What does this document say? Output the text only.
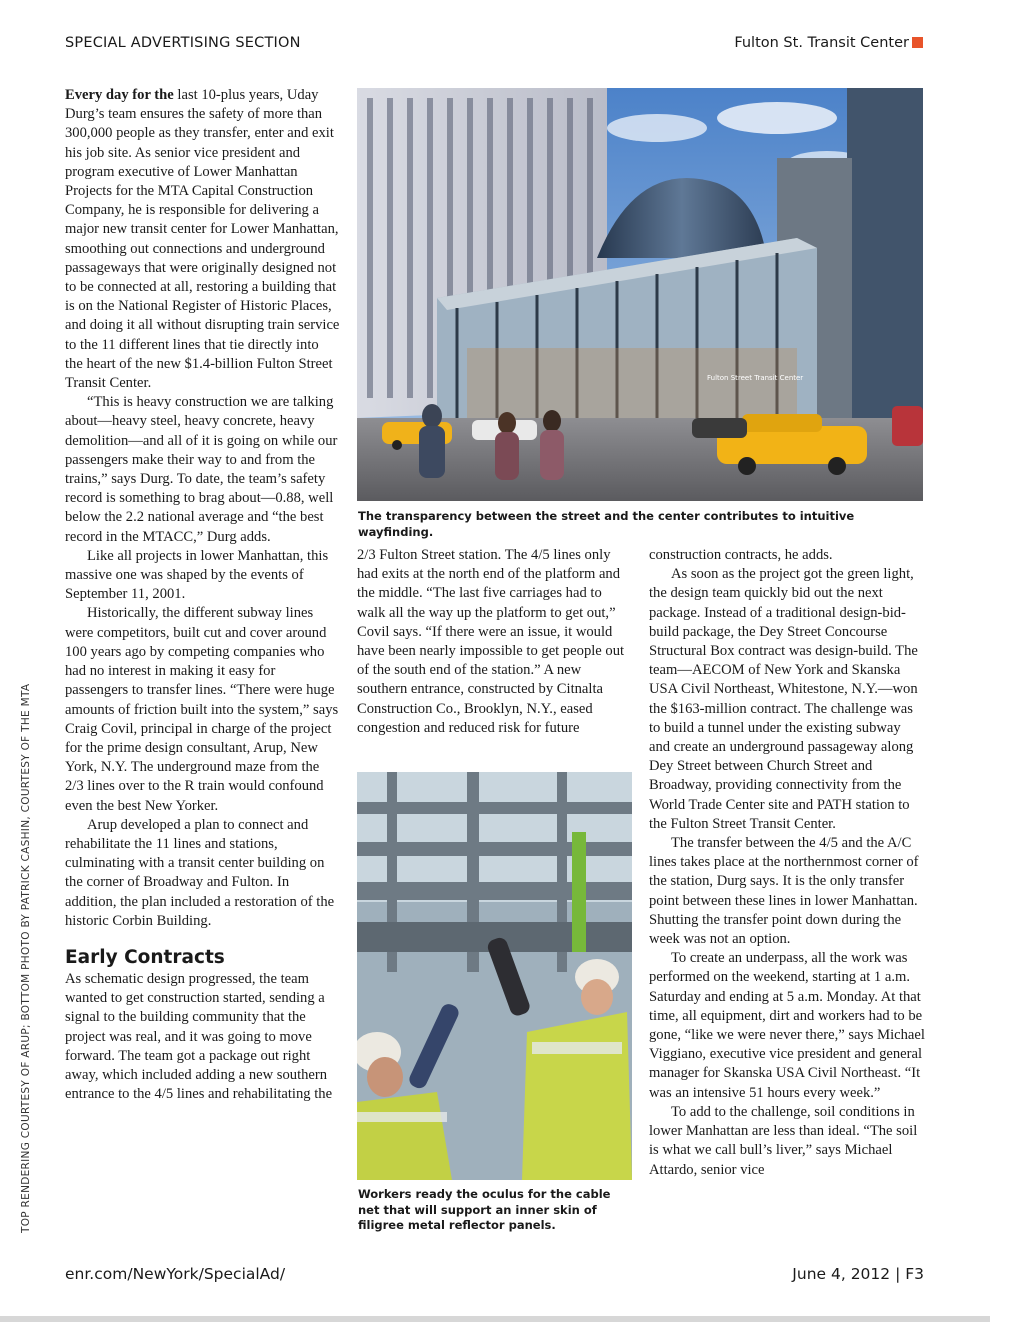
SPECIAL ADVERTISING SECTION	Fulton St. Transit Center
TOP RENDERING COURTESY OF ARUP; BOTTOM PHOTO BY PATRICK CASHIN, COURTESY OF THE MTA

Every day for the last 10-plus years, Uday Durg’s team ensures the safety of more than 300,000 people as they transfer, enter and exit his job site. As senior vice president and program executive of Lower Manhattan Projects for the MTA Capital Construction Company, he is responsible for delivering a major new transit center for Lower Manhattan, smoothing out connections and underground passageways that were originally designed not to be connected at all, restoring a building that is on the National Register of Historic Places, and doing it all without disrupting train service to the 11 different lines that tie directly into the heart of the new $1.4-billion Fulton Street Transit Center.

“This is heavy construction we are talking about—heavy steel, heavy concrete, heavy demolition—and all of it is going on while our passengers make their way to and from the trains,” says Durg. To date, the team’s safety record is something to brag about—0.88, well below the 2.2 national average and “the best record in the MTACC,” Durg adds.

Like all projects in lower Manhattan, this massive one was shaped by the events of September 11, 2001.

Historically, the different subway lines were competitors, built cut and cover around 100 years ago by competing companies who had no interest in making it easy for passengers to transfer lines. “There were huge amounts of friction built into the system,” says Craig Covil, principal in charge of the project for the prime design consultant, Arup, New York, N.Y. The underground maze from the 2/3 lines over to the R train would confound even the best New Yorker.

Arup developed a plan to connect and rehabilitate the 11 lines and stations, culminating with a transit center building on the corner of Broadway and Fulton. In addition, the plan included a restoration of the historic Corbin Building.

Early Contracts

As schematic design progressed, the team wanted to get construction started, sending a signal to the building community that the project was real, and it was going to move forward. The team got a package out right away, which included adding a new southern entrance to the 4/5 lines and rehabilitating the

Fulton Street Transit Center
The transparency between the street and the center contributes to intuitive wayfinding.

2/3 Fulton Street station. The 4/5 lines only had exits at the north end of the platform and the middle. “The last five carriages had to walk all the way up the platform to get out,” Covil says. “If there were an issue, it would have been nearly impossible to get people out of the south end of the station.” A new southern entrance, constructed by Citnalta Construction Co., Brooklyn, N.Y., eased congestion and reduced risk for future

Workers ready the oculus for the cable net that will support an inner skin of filigree metal reflector panels.

construction contracts, he adds.

As soon as the project got the green light, the design team quickly bid out the next package. Instead of a traditional design-bid-build package, the Dey Street Concourse Structural Box contract was design-build. The team—AECOM of New York and Skanska USA Civil Northeast, Whitestone, N.Y.—won the $163-million contract. The challenge was to build a tunnel under the existing subway and create an underground passageway along Dey Street between Church Street and Broadway, providing connectivity from the World Trade Center site and PATH station to the Fulton Street Transit Center.

The transfer between the 4/5 and the A/C lines takes place at the northernmost corner of the station, Durg says. It is the only transfer point between these lines in lower Manhattan. Shutting the transfer point down during the week was not an option.

To create an underpass, all the work was performed on the weekend, starting at 1 a.m. Saturday and ending at 5 a.m. Monday. At that time, all equipment, dirt and workers had to be gone, “like we were never there,” says Michael Viggiano, executive vice president and general manager for Skanska USA Civil Northeast. “It was an intensive 51 hours every week.”

To add to the challenge, soil conditions in lower Manhattan are less than ideal. “The soil is what we call bull’s liver,” says Michael Attardo, senior vice

enr.com/NewYork/SpecialAd/	June 4, 2012 | F3
